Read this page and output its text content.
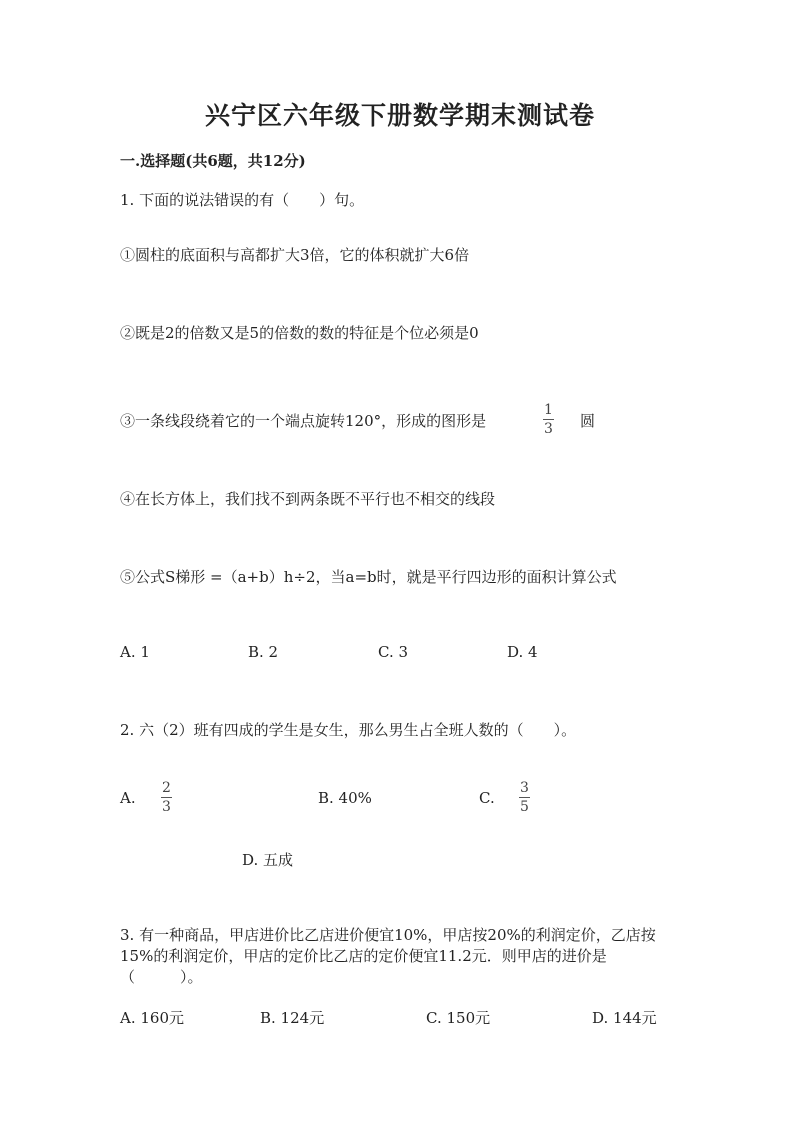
兴宁区六年级下册数学期末测试卷
一.选择题(共6题，共12分)
1. 下面的说法错误的有（　　）句。
①圆柱的底面积与高都扩大3倍，它的体积就扩大6倍
②既是2的倍数又是5的倍数的数的特征是个位必须是0
③一条线段绕着它的一个端点旋转120°，形成的图形是
1
3 圆
④在长方体上，我们找不到两条既不平行也不相交的线段
⑤公式S梯形 =（a+b）h÷2，当a=b时，就是平行四边形的面积计算公式
A. 1	B. 2	C. 3	D. 4
2. 六（2）班有四成的学生是女生，那么男生占全班人数的（　　）。
A.
2
3	B. 40%	C.
3
5
D. 五成
3. 有一种商品，甲店进价比乙店进价便宜10%，甲店按20%的利润定价，乙店按
15%的利润定价，甲店的定价比乙店的定价便宜11.2元．则甲店的进价是
（　　　）。
A. 160元	B. 124元	C. 150元	D. 144元
